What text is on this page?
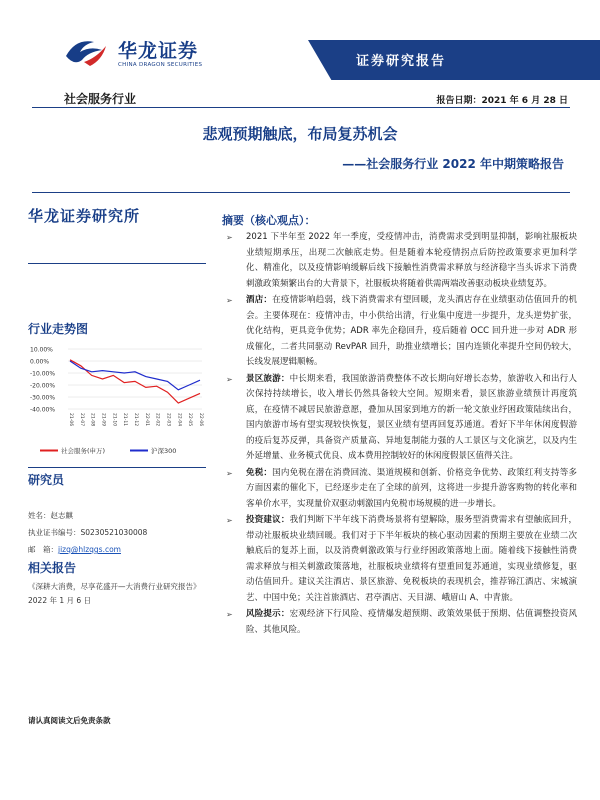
华龙证券
CHINA DRAGON SECURITIES	证券研究报告
社会服务行业	报告日期：2021 年 6 月 28 日
悲观预期触底，布局复苏机会
——社会服务行业 2022 年中期策略报告
华龙证券研究所
行业走势图
10.00%
0.00%
-10.00%
-20.00%
-30.00%
-40.00%
21-06 21-07 21-08 21-09 21-10 21-11 21-12 22-01 22-02 22-03 22-04 22-05 22-06
社会服务(申万)	沪深300
研究员
姓名：赵志麒
执业证书编号：S0230521030008
邮　箱：jizq@hlzqgs.com
相关报告
《深耕大消费，尽享花盛开—大消费行业研究报告》2022 年 1 月 6 日
请认真阅读文后免责条款
摘要（核心观点）：
➢ 2021 下半年至 2022 年一季度，受疫情冲击，消费需求受到明显抑制，影响社服板块业绩短期承压，出现二次触底走势。但是随着本轮疫情拐点后防控政策要求更加科学化、精准化，以及疫情影响缓解后线下接触性消费需求释放与经济稳字当头诉求下消费刺激政策频繁出台的大背景下，社服板块将随着供需两端改善驱动板块业绩复苏。
➢ 酒店：在疫情影响趋弱，线下消费需求有望回暖，龙头酒店存在业绩驱动估值回升的机会。主要体现在：疫情冲击，中小供给出清，行业集中度进一步提升，龙头逆势扩张，优化结构，更具竞争优势；ADR 率先企稳回升，疫后随着 OCC 回升进一步对 ADR 形成催化，二者共同驱动 RevPAR 回升，助推业绩增长；国内连锁化率提升空间仍较大，长线发展逻辑顺畅。
➢ 景区旅游：中长期来看，我国旅游消费整体不改长期向好增长态势，旅游收入和出行人次保持持续增长，收入增长仍然具备较大空间。短期来看，景区旅游业绩预计再度筑底，在疫情不减居民旅游意愿，叠加从国家到地方的新一轮文旅业纾困政策陆续出台，国内旅游市场有望实现较快恢复，景区业绩有望再回复苏通道。看好下半年休闲度假游的疫后复苏反弹，具备资产质量高、异地复制能力强的人工景区与文化演艺，以及内生外延增量、业务模式优良、成本费用控制较好的休闲度假景区值得关注。
➢ 免税：国内免税在潜在消费回流、渠道规模和创新、价格竞争优势、政策红利支持等多方面因素的催化下，已经逐步走在了全球的前列，这将进一步提升游客购物的转化率和客单价水平，实现量价双驱动刺激国内免税市场规模的进一步增长。
➢ 投资建议：我们判断下半年线下消费场景将有望解除，服务型消费需求有望触底回升，带动社服板块业绩回暖。我们对于下半年板块的核心驱动因素的预期主要放在业绩二次触底后的复苏上面，以及消费刺激政策与行业纾困政策落地上面。随着线下接触性消费需求释放与相关刺激政策落地，社服板块业绩将有望重回复苏通道，实现业绩修复，驱动估值回升。建议关注酒店、景区旅游、免税板块的表现机会，推荐锦江酒店、宋城演艺、中国中免；关注首旅酒店、君亭酒店、天目湖、峨眉山 A、中青旅。
➢ 风险提示：宏观经济下行风险、疫情爆发超预期、政策效果低于预期、估值调整投资风险、其他风险。
